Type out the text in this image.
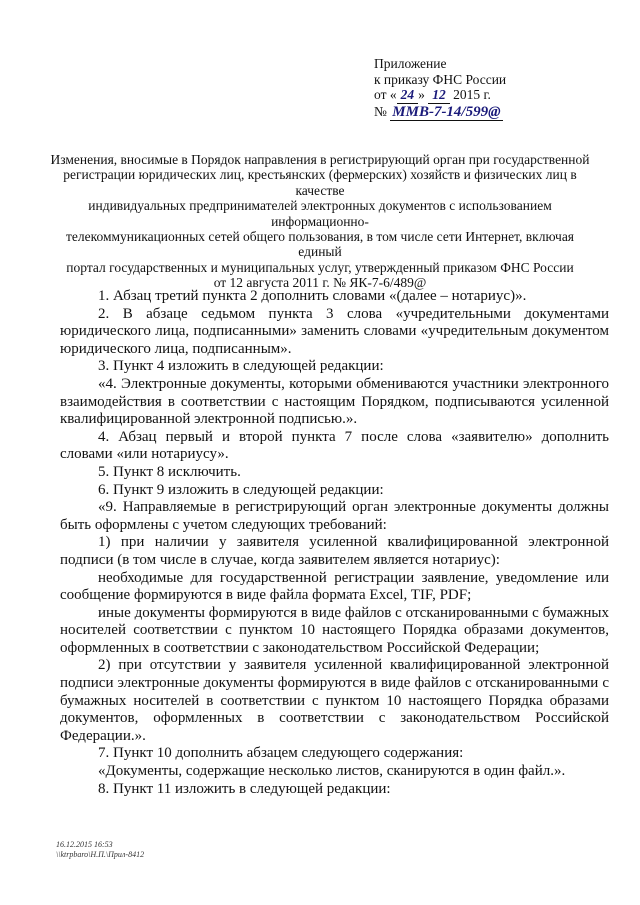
Приложение
к приказу ФНС России
от « 24 » 12 2015 г.
№ ММВ-7-14/599@
Изменения, вносимые в Порядок направления в регистрирующий орган при государственной
регистрации юридических лиц, крестьянских (фермерских) хозяйств и физических лиц в качестве
индивидуальных предпринимателей электронных документов с использованием информационно-
телекоммуникационных сетей общего пользования, в том числе сети Интернет, включая единый
портал государственных и муниципальных услуг, утвержденный приказом ФНС России
от 12 августа 2011 г. № ЯК-7-6/489@

1. Абзац третий пункта 2 дополнить словами «(далее – нотариус)».

2. В абзаце седьмом пункта 3 слова «учредительными документами юридического лица, подписанными» заменить словами «учредительным документом юридического лица, подписанным».

3. Пункт 4 изложить в следующей редакции:

«4. Электронные документы, которыми обмениваются участники электронного взаимодействия в соответствии с настоящим Порядком, подписываются усиленной квалифицированной электронной подписью.».

4. Абзац первый и второй пункта 7 после слова «заявителю» дополнить словами «или нотариусу».

5. Пункт 8 исключить.

6. Пункт 9 изложить в следующей редакции:

«9. Направляемые в регистрирующий орган электронные документы должны быть оформлены с учетом следующих требований:

1) при наличии у заявителя усиленной квалифицированной электронной подписи (в том числе в случае, когда заявителем является нотариус):

необходимые для государственной регистрации заявление, уведомление или сообщение формируются в виде файла формата Excel, TIF, PDF;

иные документы формируются в виде файлов с отсканированными с бумажных носителей соответствии с пунктом 10 настоящего Порядка образами документов, оформленных в соответствии с законодательством Российской Федерации;

2) при отсутствии у заявителя усиленной квалифицированной электронной подписи электронные документы формируются в виде файлов с отсканированными с бумажных носителей в соответствии с пунктом 10 настоящего Порядка образами документов, оформленных в соответствии с законодательством Российской Федерации.».

7. Пункт 10 дополнить абзацем следующего содержания:

«Документы, содержащие несколько листов, сканируются в один файл.».

8. Пункт 11 изложить в следующей редакции:

16.12.2015 16:53
\\ktrpbaro\Н.П.\Прил-8412
